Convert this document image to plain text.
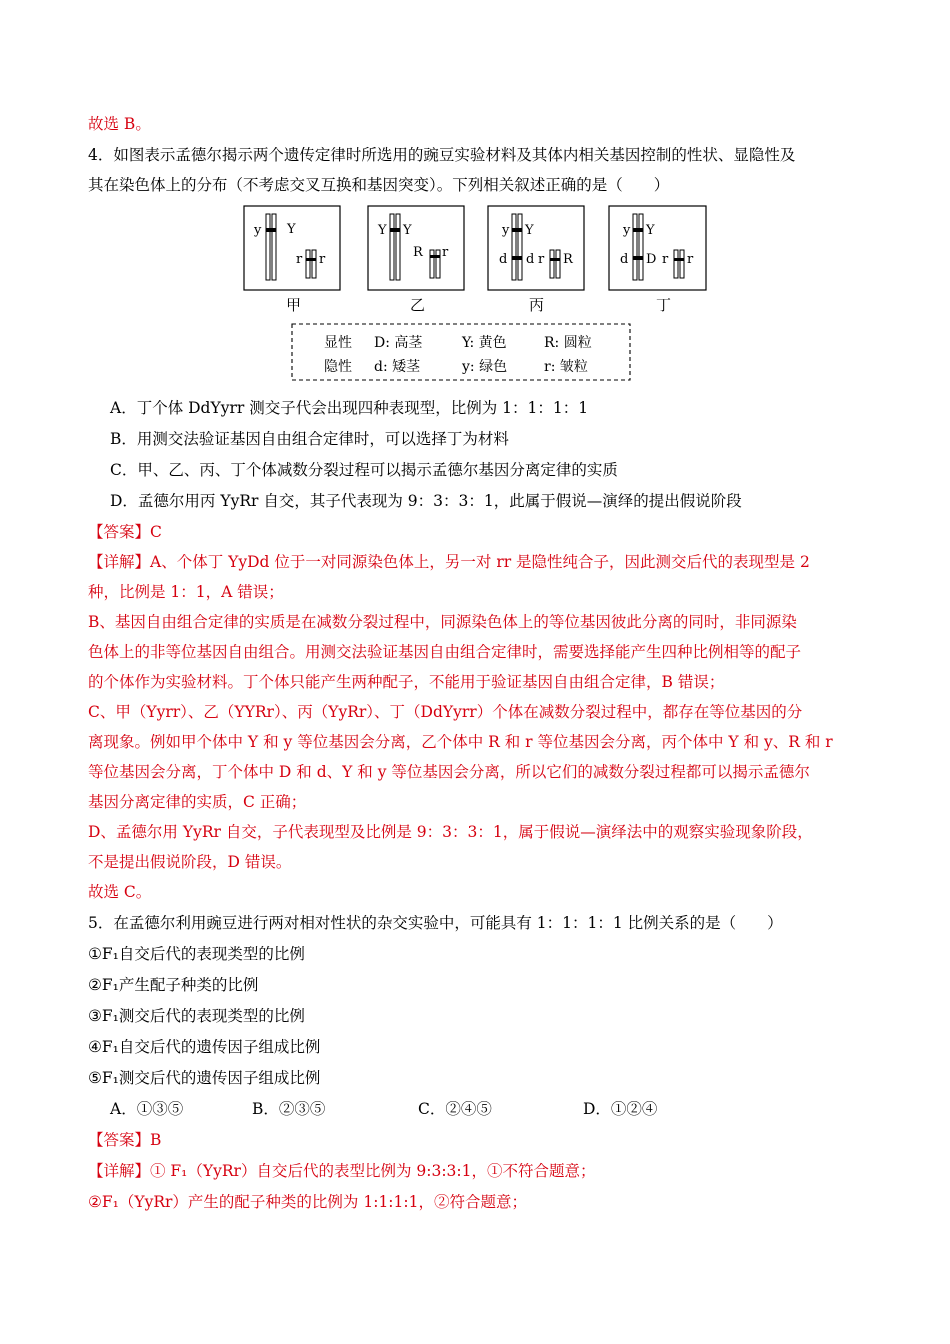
故选 B。
4．如图表示孟德尔揭示两个遗传定律时所选用的豌豆实验材料及其体内相关基因控制的性状、显隐性及
其在染色体上的分布（不考虑交叉互换和基因突变）。下列相关叙述正确的是（　　）
y Y
r r
甲
Y Y
R r
乙
y Y
d d r R
丙
y Y
d D r r
丁
显性 D: 高茎	Y: 黄色	R: 圆粒
隐性 d: 矮茎	y: 绿色	r: 皱粒
A．丁个体 DdYyrr 测交子代会出现四种表现型，比例为 1：1：1：1
B．用测交法验证基因自由组合定律时，可以选择丁为材料
C．甲、乙、丙、丁个体减数分裂过程可以揭示孟德尔基因分离定律的实质
D．孟德尔用丙 YyRr 自交，其子代表现为 9：3：3：1，此属于假说—演绎的提出假说阶段
【答案】C
【详解】A、个体丁 YyDd 位于一对同源染色体上，另一对 rr 是隐性纯合子，因此测交后代的表现型是 2
种，比例是 1：1，A 错误；
B、基因自由组合定律的实质是在减数分裂过程中，同源染色体上的等位基因彼此分离的同时，非同源染
色体上的非等位基因自由组合。用测交法验证基因自由组合定律时，需要选择能产生四种比例相等的配子
的个体作为实验材料。丁个体只能产生两种配子，不能用于验证基因自由组合定律，B 错误；
C、甲（Yyrr）、乙（YYRr）、丙（YyRr）、丁（DdYyrr）个体在减数分裂过程中，都存在等位基因的分
离现象。例如甲个体中 Y 和 y 等位基因会分离，乙个体中 R 和 r 等位基因会分离，丙个体中 Y 和 y、R 和 r
等位基因会分离，丁个体中 D 和 d、Y 和 y 等位基因会分离，所以它们的减数分裂过程都可以揭示孟德尔
基因分离定律的实质，C 正确；
D、孟德尔用 YyRr 自交，子代表现型及比例是 9：3：3：1，属于假说—演绎法中的观察实验现象阶段，
不是提出假说阶段，D 错误。
故选 C。
5．在孟德尔利用豌豆进行两对相对性状的杂交实验中，可能具有 1：1：1：1 比例关系的是（　　）
①F₁自交后代的表现类型的比例
②F₁产生配子种类的比例
③F₁测交后代的表现类型的比例
④F₁自交后代的遗传因子组成比例
⑤F₁测交后代的遗传因子组成比例
A．①③⑤	B．②③⑤	C．②④⑤	D．①②④
【答案】B
【详解】① F₁（YyRr）自交后代的表型比例为 9:3:3:1，①不符合题意；
②F₁（YyRr）产生的配子种类的比例为 1:1:1:1，②符合题意；
